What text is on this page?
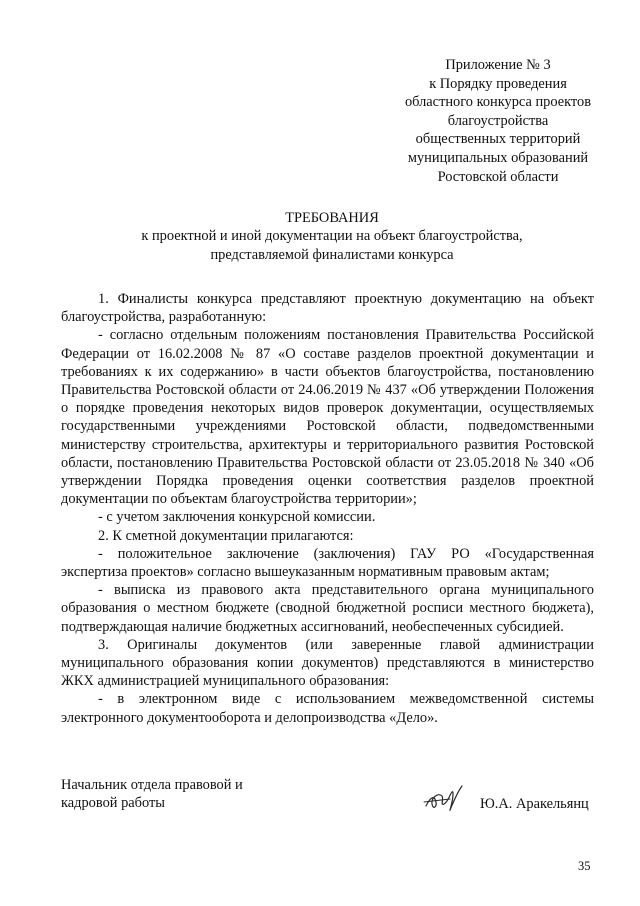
Приложение № 3
к Порядку проведения
областного конкурса проектов
благоустройства
общественных территорий
муниципальных образований
Ростовской области
ТРЕБОВАНИЯ
к проектной и иной документации на объект благоустройства,
представляемой финалистами конкурса

1. Финалисты конкурса представляют проектную документацию на объект благоустройства, разработанную:

- согласно отдельным положениям постановления Правительства Российской Федерации от 16.02.2008 № 87 «О составе разделов проектной документации и требованиях к их содержанию» в части объектов благоустройства, постановлению Правительства Ростовской области от 24.06.2019 № 437 «Об утверждении Положения о порядке проведения некоторых видов проверок документации, осуществляемых государственными учреждениями Ростовской области, подведомственными министерству строительства, архитектуры и территориального развития Ростовской области, постановлению Правительства Ростовской области от 23.05.2018 № 340 «Об утверждении Порядка проведения оценки соответствия разделов проектной документации по объектам благоустройства территории»;

- с учетом заключения конкурсной комиссии.

2. К сметной документации прилагаются:

- положительное заключение (заключения) ГАУ РО «Государственная экспертиза проектов» согласно вышеуказанным нормативным правовым актам;

- выписка из правового акта представительного органа муниципального образования о местном бюджете (сводной бюджетной росписи местного бюджета), подтверждающая наличие бюджетных ассигнований, необеспеченных субсидией.

3. Оригиналы документов (или заверенные главой администрации муниципального образования копии документов) представляются в министерство ЖКХ администрацией муниципального образования:

- в электронном виде с использованием межведомственной системы электронного документооборота и делопроизводства «Дело».

Начальник отдела правовой и
кадровой работы	Ю.А. Аракельянц
35
